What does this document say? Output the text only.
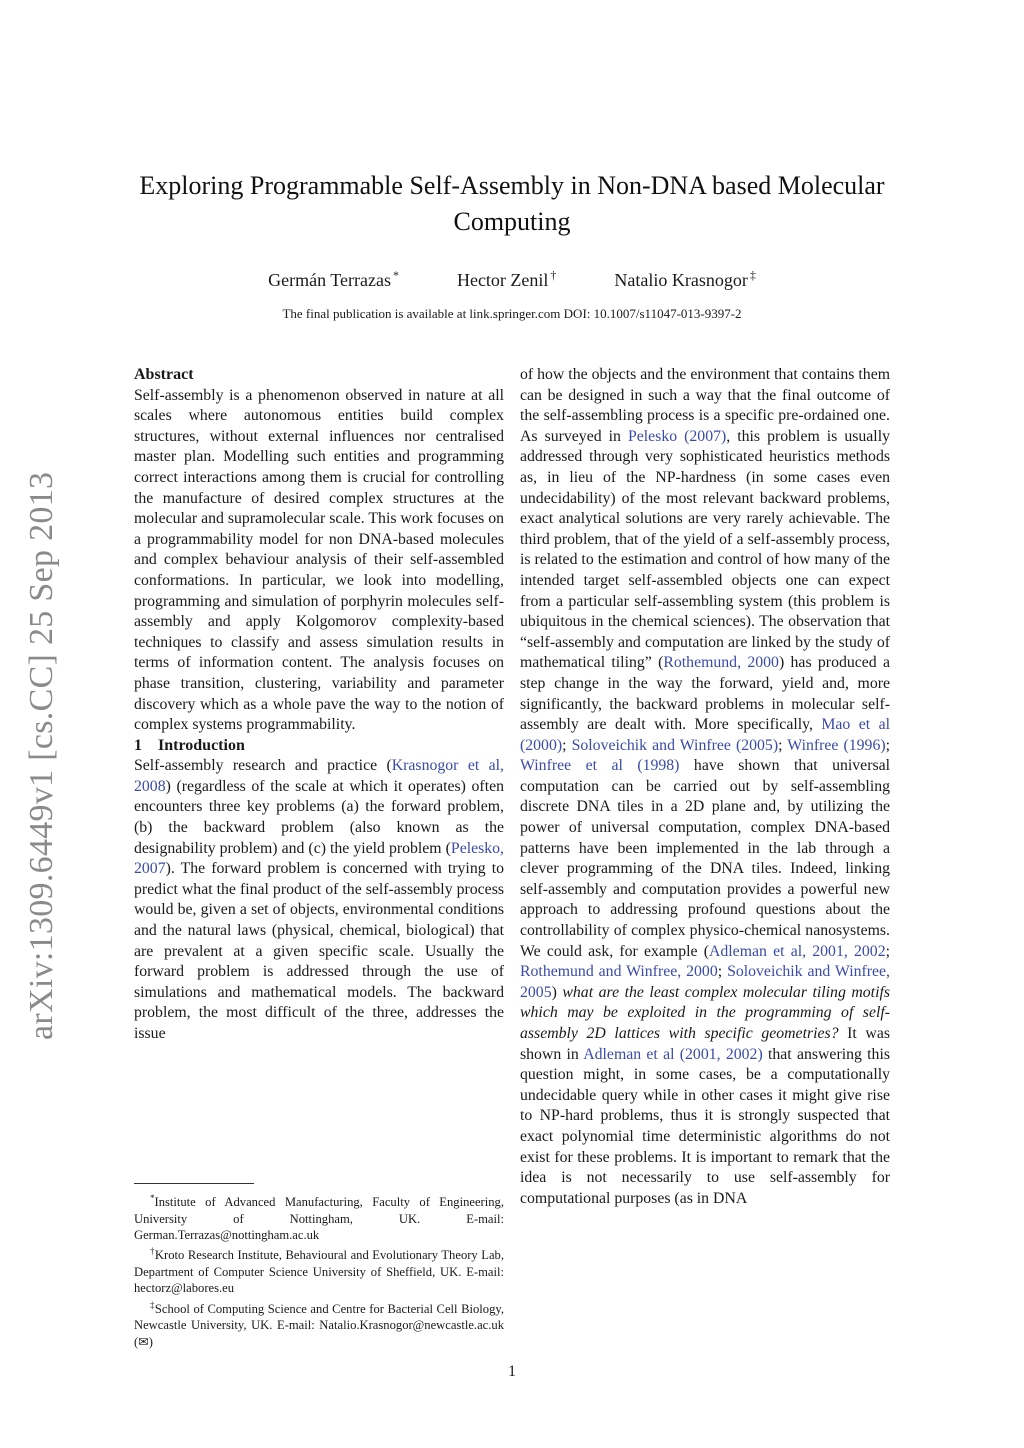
arXiv:1309.6449v1 [cs.CC] 25 Sep 2013
Exploring Programmable Self-Assembly in Non-DNA based Molecular Computing
Germán Terrazas *	Hector Zenil †	Natalio Krasnogor ‡
The final publication is available at link.springer.com DOI: 10.1007/s11047-013-9397-2

Abstract

Self-assembly is a phenomenon observed in nature at all scales where autonomous entities build complex structures, without external influences nor centralised master plan. Modelling such entities and programming correct interactions among them is crucial for controlling the manufacture of desired complex structures at the molecular and supramolecular scale. This work focuses on a programmability model for non DNA-based molecules and complex behaviour analysis of their self-assembled conformations. In particular, we look into modelling, programming and simulation of porphyrin molecules self-assembly and apply Kolgomorov complexity-based techniques to classify and assess simulation results in terms of information content. The analysis focuses on phase transition, clustering, variability and parameter discovery which as a whole pave the way to the notion of complex systems programmability.

1 Introduction

Self-assembly research and practice (Krasnogor et al, 2008) (regardless of the scale at which it operates) often encounters three key problems (a) the forward problem, (b) the backward problem (also known as the designability problem) and (c) the yield problem (Pelesko, 2007). The forward problem is concerned with trying to predict what the final product of the self-assembly process would be, given a set of objects, environmental conditions and the natural laws (physical, chemical, biological) that are prevalent at a given specific scale. Usually the forward problem is addressed through the use of simulations and mathematical models. The backward problem, the most difficult of the three, addresses the issue

of how the objects and the environment that contains them can be designed in such a way that the final outcome of the self-assembling process is a specific pre-ordained one. As surveyed in Pelesko (2007), this problem is usually addressed through very sophisticated heuristics methods as, in lieu of the NP-hardness (in some cases even undecidability) of the most relevant backward problems, exact analytical solutions are very rarely achievable. The third problem, that of the yield of a self-assembly process, is related to the estimation and control of how many of the intended target self-assembled objects one can expect from a particular self-assembling system (this problem is ubiquitous in the chemical sciences). The observation that “self-assembly and computation are linked by the study of mathematical tiling” (Rothemund, 2000) has produced a step change in the way the forward, yield and, more significantly, the backward problems in molecular self-assembly are dealt with. More specifically, Mao et al (2000); Soloveichik and Winfree (2005); Winfree (1996); Winfree et al (1998) have shown that universal computation can be carried out by self-assembling discrete DNA tiles in a 2D plane and, by utilizing the power of universal computation, complex DNA-based patterns have been implemented in the lab through a clever programming of the DNA tiles. Indeed, linking self-assembly and computation provides a powerful new approach to addressing profound questions about the controllability of complex physico-chemical nanosystems. We could ask, for example (Adleman et al, 2001, 2002; Rothemund and Winfree, 2000; Soloveichik and Winfree, 2005) what are the least complex molecular tiling motifs which may be exploited in the programming of self-assembly 2D lattices with specific geometries? It was shown in Adleman et al (2001, 2002) that answering this question might, in some cases, be a computationally undecidable query while in other cases it might give rise to NP-hard problems, thus it is strongly suspected that exact polynomial time deterministic algorithms do not exist for these problems. It is important to remark that the idea is not necessarily to use self-assembly for computational purposes (as in DNA

*Institute of Advanced Manufacturing, Faculty of Engineering, University of Nottingham, UK. E-mail: German.Terrazas@nottingham.ac.uk

†Kroto Research Institute, Behavioural and Evolutionary Theory Lab, Department of Computer Science University of Sheffield, UK. E-mail: hectorz@labores.eu

‡School of Computing Science and Centre for Bacterial Cell Biology, Newcastle University, UK. E-mail: Natalio.Krasnogor@newcastle.ac.uk (✉)

1
